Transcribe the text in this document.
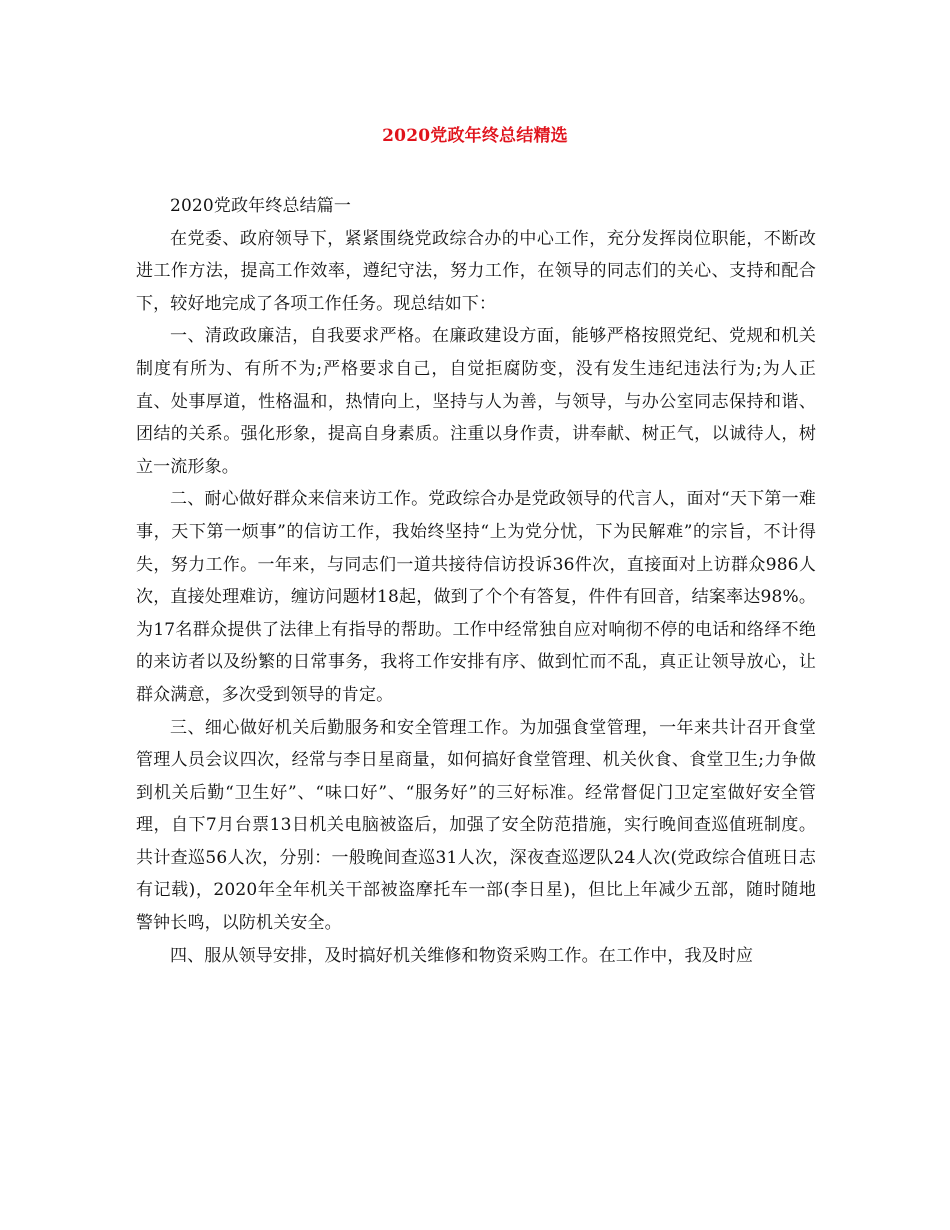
2020党政年终总结精选

2020党政年终总结篇一

在党委、政府领导下，紧紧围绕党政综合办的中心工作，充分发挥岗位职能，不断改进工作方法，提高工作效率，遵纪守法，努力工作，在领导的同志们的关心、支持和配合下，较好地完成了各项工作任务。现总结如下：

一、清政政廉洁，自我要求严格。在廉政建设方面，能够严格按照党纪、党规和机关制度有所为、有所不为;严格要求自己，自觉拒腐防变，没有发生违纪违法行为;为人正直、处事厚道，性格温和，热情向上，坚持与人为善，与领导，与办公室同志保持和谐、团结的关系。强化形象，提高自身素质。注重以身作责，讲奉献、树正气，以诚待人，树立一流形象。

二、耐心做好群众来信来访工作。党政综合办是党政领导的代言人，面对“天下第一难事，天下第一烦事”的信访工作，我始终坚持“上为党分忧，下为民解难”的宗旨，不计得失，努力工作。一年来，与同志们一道共接待信访投诉36件次，直接面对上访群众986人次，直接处理难访，缠访问题材18起，做到了个个有答复，件件有回音，结案率达98%。为17名群众提供了法律上有指导的帮助。工作中经常独自应对响彻不停的电话和络绎不绝的来访者以及纷繁的日常事务，我将工作安排有序、做到忙而不乱，真正让领导放心，让群众满意，多次受到领导的肯定。

三、细心做好机关后勤服务和安全管理工作。为加强食堂管理，一年来共计召开食堂管理人员会议四次，经常与李日星商量，如何搞好食堂管理、机关伙食、食堂卫生;力争做到机关后勤“卫生好”、“味口好”、“服务好”的三好标准。经常督促门卫定室做好安全管理，自下7月台票13日机关电脑被盗后，加强了安全防范措施，实行晚间查巡值班制度。共计查巡56人次，分别：一般晚间查巡31人次，深夜查巡逻队24人次(党政综合值班日志有记载)，2020年全年机关干部被盗摩托车一部(李日星)，但比上年减少五部，随时随地警钟长鸣，以防机关安全。

四、服从领导安排，及时搞好机关维修和物资采购工作。在工作中，我及时应
